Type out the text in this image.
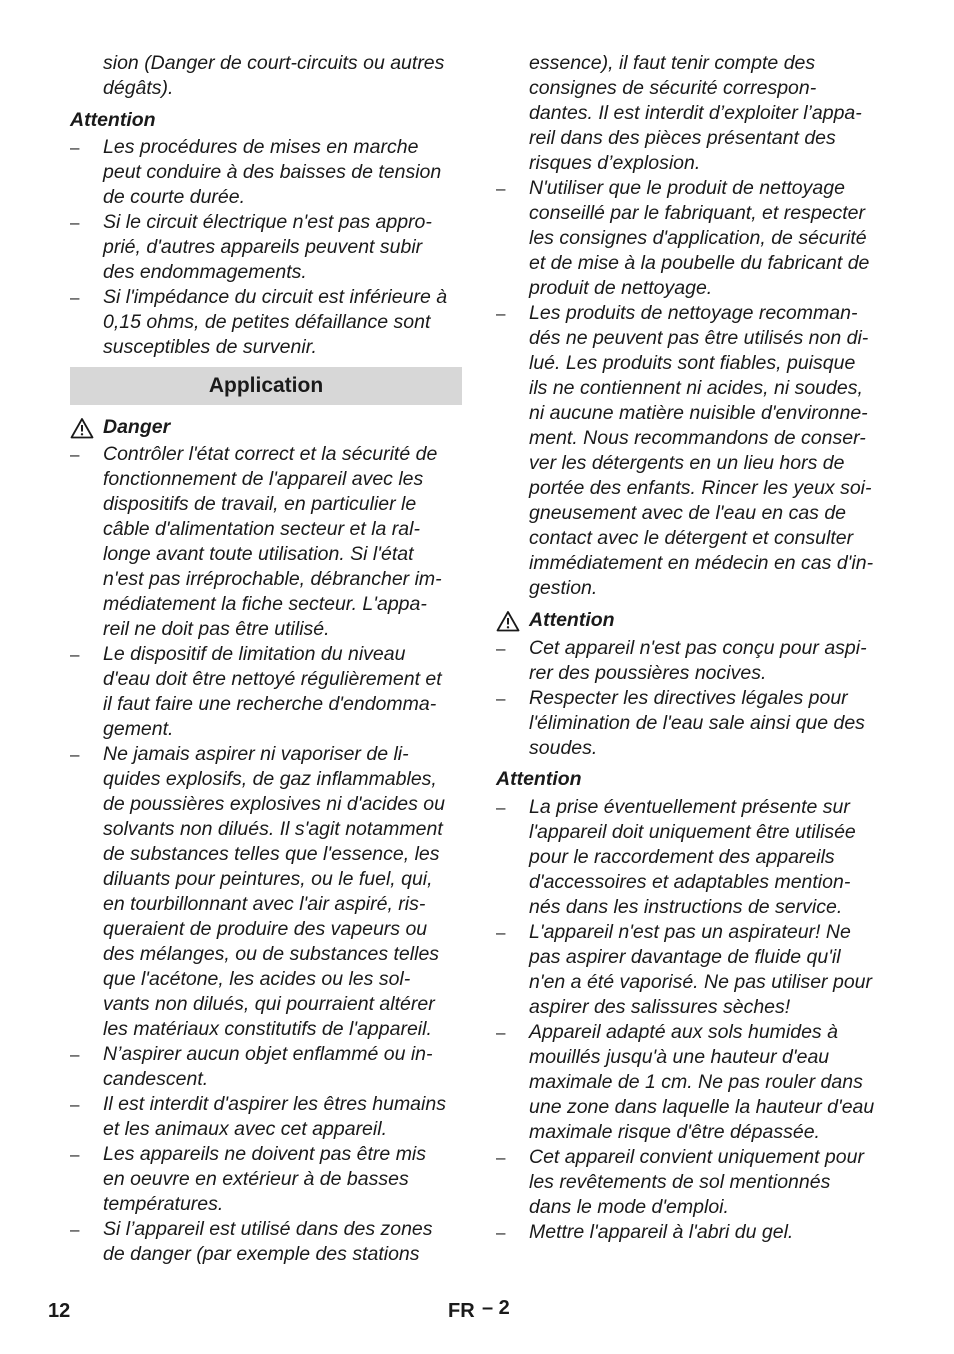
sion (Danger de court-circuits ou autres
dégâts).
Attention
– Les procédures de mises en marche
peut conduire à des baisses de tension
de courte durée.
– Si le circuit électrique n'est pas appro-
prié, d'autres appareils peuvent subir
des endommagements.
– Si l'impédance du circuit est inférieure à
0,15 ohms, de petites défaillance sont
susceptibles de survenir.
Application
Danger
– Contrôler l'état correct et la sécurité de
fonctionnement de l'appareil avec les
dispositifs de travail, en particulier le
câble d'alimentation secteur et la ral-
longe avant toute utilisation. Si l'état
n'est pas irréprochable, débrancher im-
médiatement la fiche secteur. L'appa-
reil ne doit pas être utilisé.
– Le dispositif de limitation du niveau
d'eau doit être nettoyé régulièrement et
il faut faire une recherche d'endomma-
gement.
– Ne jamais aspirer ni vaporiser de li-
quides explosifs, de gaz inflammables,
de poussières explosives ni d'acides ou
solvants non dilués. Il s'agit notamment
de substances telles que l'essence, les
diluants pour peintures, ou le fuel, qui,
en tourbillonnant avec l'air aspiré, ris-
queraient de produire des vapeurs ou
des mélanges, ou de substances telles
que l'acétone, les acides ou les sol-
vants non dilués, qui pourraient altérer
les matériaux constitutifs de l'appareil.
– N’aspirer aucun objet enflammé ou in-
candescent.
– Il est interdit d'aspirer les êtres humains
et les animaux avec cet appareil.
– Les appareils ne doivent pas être mis
en oeuvre en extérieur à de basses
températures.
– Si l’appareil est utilisé dans des zones
de danger (par exemple des stations
essence), il faut tenir compte des
consignes de sécurité correspon-
dantes. Il est interdit d’exploiter l’appa-
reil dans des pièces présentant des
risques d’explosion.
– N'utiliser que le produit de nettoyage
conseillé par le fabriquant, et respecter
les consignes d'application, de sécurité
et de mise à la poubelle du fabricant de
produit de nettoyage.
– Les produits de nettoyage recomman-
dés ne peuvent pas être utilisés non di-
lué. Les produits sont fiables, puisque
ils ne contiennent ni acides, ni soudes,
ni aucune matière nuisible d'environne-
ment. Nous recommandons de conser-
ver les détergents en un lieu hors de
portée des enfants. Rincer les yeux soi-
gneusement avec de l'eau en cas de
contact avec le détergent et consulter
immédiatement en médecin en cas d'in-
gestion.
Attention
– Cet appareil n'est pas conçu pour aspi-
rer des poussières nocives.
– Respecter les directives légales pour
l'élimination de l'eau sale ainsi que des
soudes.
Attention
– La prise éventuellement présente sur
l'appareil doit uniquement être utilisée
pour le raccordement des appareils
d'accessoires et adaptables mention-
nés dans les instructions de service.
– L'appareil n'est pas un aspirateur! Ne
pas aspirer davantage de fluide qu'il
n'en a été vaporisé. Ne pas utiliser pour
aspirer des salissures sèches!
– Appareil adapté aux sols humides à
mouillés jusqu'à une hauteur d'eau
maximale de 1 cm. Ne pas rouler dans
une zone dans laquelle la hauteur d'eau
maximale risque d'être dépassée.
– Cet appareil convient uniquement pour
les revêtements de sol mentionnés
dans le mode d'emploi.
– Mettre l'appareil à l'abri du gel.
12	FR – 2
